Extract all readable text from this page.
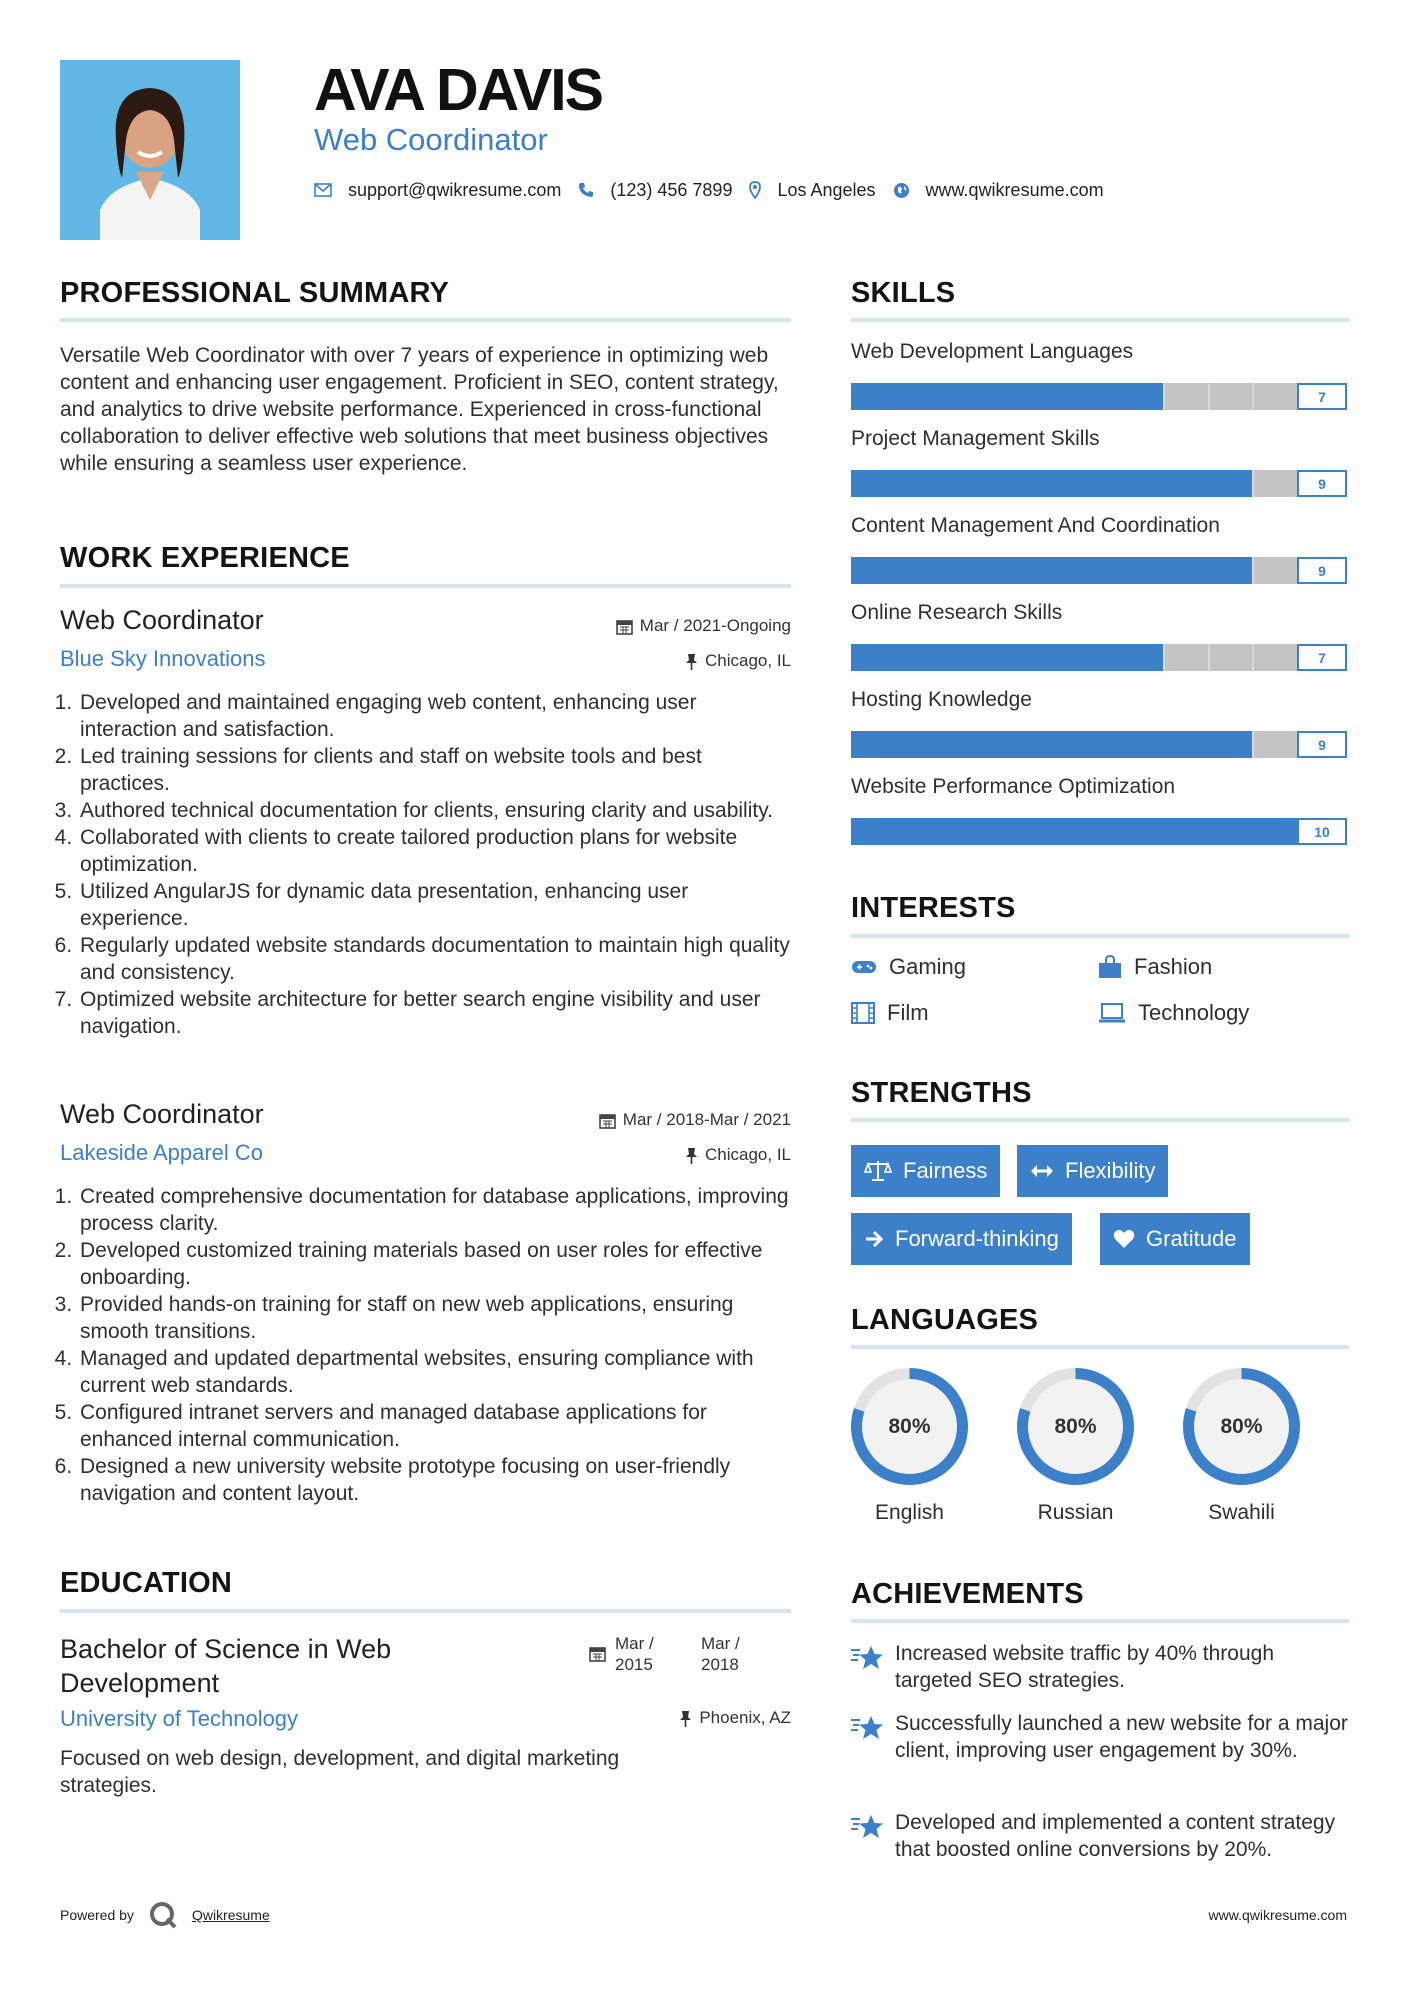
AVA DAVIS
Web Coordinator
support@qwikresume.com	(123) 456 7899	Los Angeles	www.qwikresume.com
PROFESSIONAL SUMMARY
Versatile Web Coordinator with over 7 years of experience in optimizing web content and enhancing user engagement. Proficient in SEO, content strategy, and analytics to drive website performance. Experienced in cross-functional collaboration to deliver effective web solutions that meet business objectives while ensuring a seamless user experience.
WORK EXPERIENCE
Web Coordinator	Mar / 2021-Ongoing
Blue Sky Innovations	Chicago, IL
1. Developed and maintained engaging web content, enhancing user interaction and satisfaction.
2. Led training sessions for clients and staff on website tools and best practices.
3. Authored technical documentation for clients, ensuring clarity and usability.
4. Collaborated with clients to create tailored production plans for website optimization.
5. Utilized AngularJS for dynamic data presentation, enhancing user experience.
6. Regularly updated website standards documentation to maintain high quality and consistency.
7. Optimized website architecture for better search engine visibility and user navigation.
Web Coordinator	Mar / 2018-Mar / 2021
Lakeside Apparel Co	Chicago, IL
1. Created comprehensive documentation for database applications, improving process clarity.
2. Developed customized training materials based on user roles for effective onboarding.
3. Provided hands-on training for staff on new web applications, ensuring smooth transitions.
4. Managed and updated departmental websites, ensuring compliance with current web standards.
5. Configured intranet servers and managed database applications for enhanced internal communication.
6. Designed a new university website prototype focusing on user-friendly navigation and content layout.
EDUCATION
Bachelor of Science in Web Development
Mar /
2015
Mar /
2018
University of Technology	Phoenix, AZ
Focused on web design, development, and digital marketing strategies.
Powered by	Qwikresume	www.qwikresume.com
SKILLS
Web Development Languages
7
Project Management Skills
9
Content Management And Coordination
9
Online Research Skills
7
Hosting Knowledge
9
Website Performance Optimization
10
INTERESTS
Gaming	Fashion
Film	Technology
STRENGTHS
Fairness	Flexibility
Forward-thinking	Gratitude
LANGUAGES
80%
English
80%
Russian
80%
Swahili
ACHIEVEMENTS
Increased website traffic by 40% through targeted SEO strategies.
Successfully launched a new website for a major client, improving user engagement by 30%.
Developed and implemented a content strategy that boosted online conversions by 20%.
